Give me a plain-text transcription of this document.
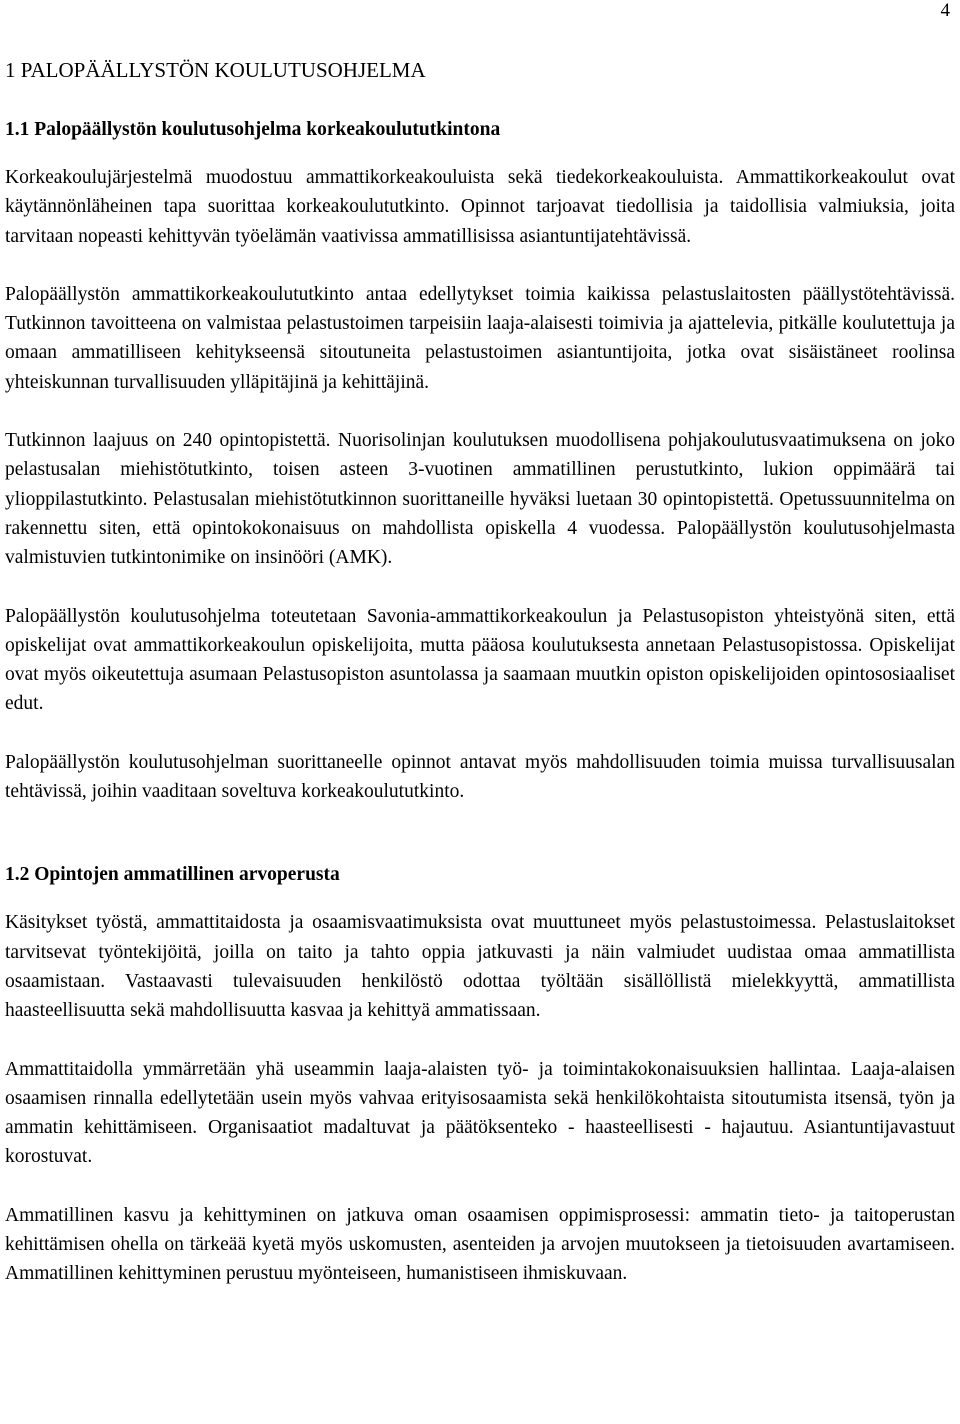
4
1 PALOPÄÄLLYSTÖN KOULUTUSOHJELMA
1.1 Palopäällystön koulutusohjelma korkeakoulututkintona

Korkeakoulujärjestelmä muodostuu ammattikorkeakouluista sekä tiedekorkeakouluista. Ammattikorkeakoulut ovat käytännönläheinen tapa suorittaa korkeakoulututkinto. Opinnot tarjoavat tiedollisia ja taidollisia valmiuksia, joita tarvitaan nopeasti kehittyvän työelämän vaativissa ammatillisissa asiantuntijatehtävissä.

Palopäällystön ammattikorkeakoulututkinto antaa edellytykset toimia kaikissa pelastuslaitosten päällystötehtävissä. Tutkinnon tavoitteena on valmistaa pelastustoimen tarpeisiin laaja-alaisesti toimivia ja ajattelevia, pitkälle koulutettuja ja omaan ammatilliseen kehitykseensä sitoutuneita pelastustoimen asiantuntijoita, jotka ovat sisäistäneet roolinsa yhteiskunnan turvallisuuden ylläpitäjinä ja kehittäjinä.

Tutkinnon laajuus on 240 opintopistettä. Nuorisolinjan koulutuksen muodollisena pohjakoulutusvaatimuksena on joko pelastusalan miehistötutkinto, toisen asteen 3-vuotinen ammatillinen perustutkinto, lukion oppimäärä tai ylioppilastutkinto. Pelastusalan miehistötutkinnon suorittaneille hyväksi luetaan 30 opintopistettä. Opetussuunnitelma on rakennettu siten, että opintokokonaisuus on mahdollista opiskella 4 vuodessa. Palopäällystön koulutusohjelmasta valmistuvien tutkintonimike on insinööri (AMK).

Palopäällystön koulutusohjelma toteutetaan Savonia-ammattikorkeakoulun ja Pelastusopiston yhteistyönä siten, että opiskelijat ovat ammattikorkeakoulun opiskelijoita, mutta pääosa koulutuksesta annetaan Pelastusopistossa. Opiskelijat ovat myös oikeutettuja asumaan Pelastusopiston asuntolassa ja saamaan muutkin opiston opiskelijoiden opintososiaaliset edut.

Palopäällystön koulutusohjelman suorittaneelle opinnot antavat myös mahdollisuuden toimia muissa turvallisuusalan tehtävissä, joihin vaaditaan soveltuva korkeakoulututkinto.

1.2 Opintojen ammatillinen arvoperusta

Käsitykset työstä, ammattitaidosta ja osaamisvaatimuksista ovat muuttuneet myös pelastustoimessa. Pelastuslaitokset tarvitsevat työntekijöitä, joilla on taito ja tahto oppia jatkuvasti ja näin valmiudet uudistaa omaa ammatillista osaamistaan. Vastaavasti tulevaisuuden henkilöstö odottaa työltään sisällöllistä mielekkyyttä, ammatillista haasteellisuutta sekä mahdollisuutta kasvaa ja kehittyä ammatissaan.

Ammattitaidolla ymmärretään yhä useammin laaja-alaisten työ- ja toimintakokonaisuuksien hallintaa. Laaja-alaisen osaamisen rinnalla edellytetään usein myös vahvaa erityisosaamista sekä henkilökohtaista sitoutumista itsensä, työn ja ammatin kehittämiseen. Organisaatiot madaltuvat ja päätöksenteko - haasteellisesti - hajautuu. Asiantuntijavastuut korostuvat.

Ammatillinen kasvu ja kehittyminen on jatkuva oman osaamisen oppimisprosessi: ammatin tieto- ja taitoperustan kehittämisen ohella on tärkeää kyetä myös uskomusten, asenteiden ja arvojen muutokseen ja tietoisuuden avartamiseen. Ammatillinen kehittyminen perustuu myönteiseen, humanistiseen ihmiskuvaan.
